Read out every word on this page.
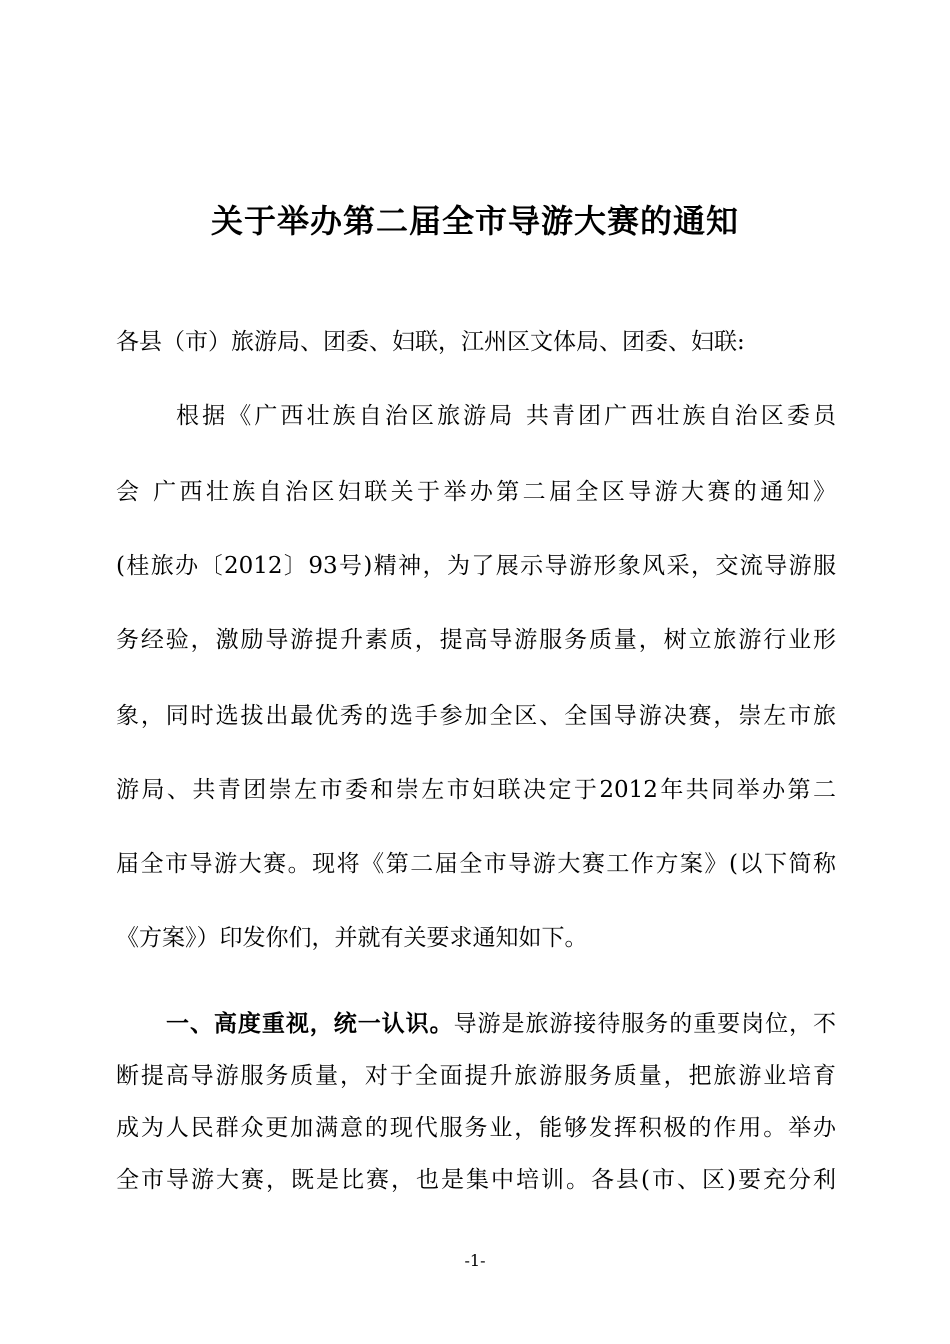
关于举办第二届全市导游大赛的通知
各县（市）旅游局、团委、妇联，江州区文体局、团委、妇联:
根据《广西壮族自治区旅游局 共青团广西壮族自治区委员
会 广西壮族自治区妇联关于举办第二届全区导游大赛的通知》
(桂旅办〔2012〕93号)精神，为了展示导游形象风采，交流导游服
务经验，激励导游提升素质，提高导游服务质量，树立旅游行业形
象，同时选拔出最优秀的选手参加全区、全国导游决赛，崇左市旅
游局、共青团崇左市委和崇左市妇联决定于2012年共同举办第二
届全市导游大赛。现将《第二届全市导游大赛工作方案》(以下简称
《方案》）印发你们，并就有关要求通知如下。
一、高度重视，统一认识。导游是旅游接待服务的重要岗位，不
断提高导游服务质量，对于全面提升旅游服务质量，把旅游业培育
成为人民群众更加满意的现代服务业，能够发挥积极的作用。举办
全市导游大赛，既是比赛，也是集中培训。各县(市、区)要充分利
-1-
